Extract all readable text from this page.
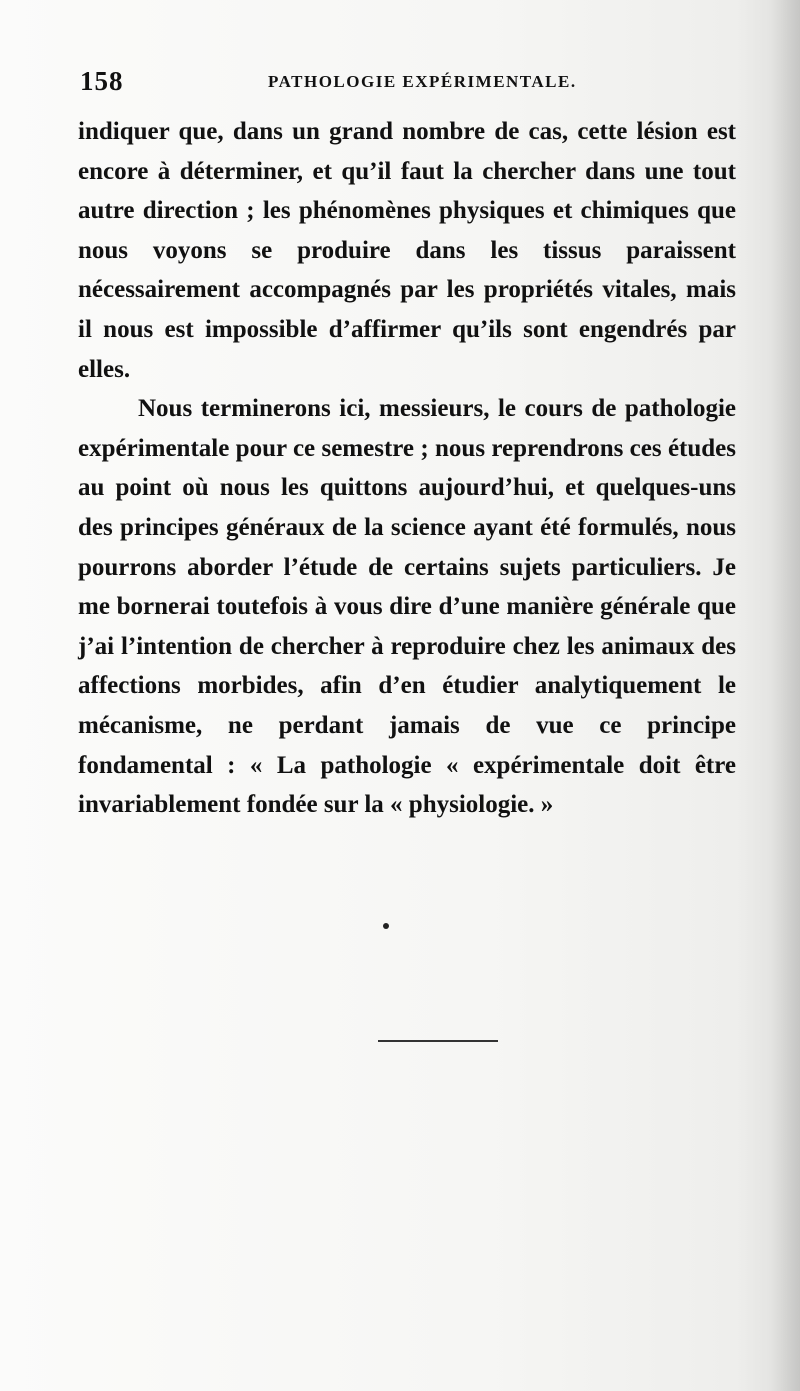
158	PATHOLOGIE EXPÉRIMENTALE.

indiquer que, dans un grand nombre de cas, cette lésion est encore à déterminer, et qu’il faut la chercher dans une tout autre direction ; les phénomènes physiques et chimiques que nous voyons se produire dans les tissus paraissent nécessairement accompagnés par les propriétés vitales, mais il nous est impossible d’affirmer qu’ils sont engendrés par elles.

Nous terminerons ici, messieurs, le cours de pathologie expérimentale pour ce semestre ; nous reprendrons ces études au point où nous les quittons aujourd’hui, et quelques-uns des principes généraux de la science ayant été formulés, nous pourrons aborder l’étude de certains sujets particuliers. Je me bornerai toutefois à vous dire d’une manière générale que j’ai l’intention de chercher à reproduire chez les animaux des affections morbides, afin d’en étudier analytiquement le mécanisme, ne perdant jamais de vue ce principe fondamental : « La pathologie « expérimentale doit être invariablement fondée sur la « physiologie. »
